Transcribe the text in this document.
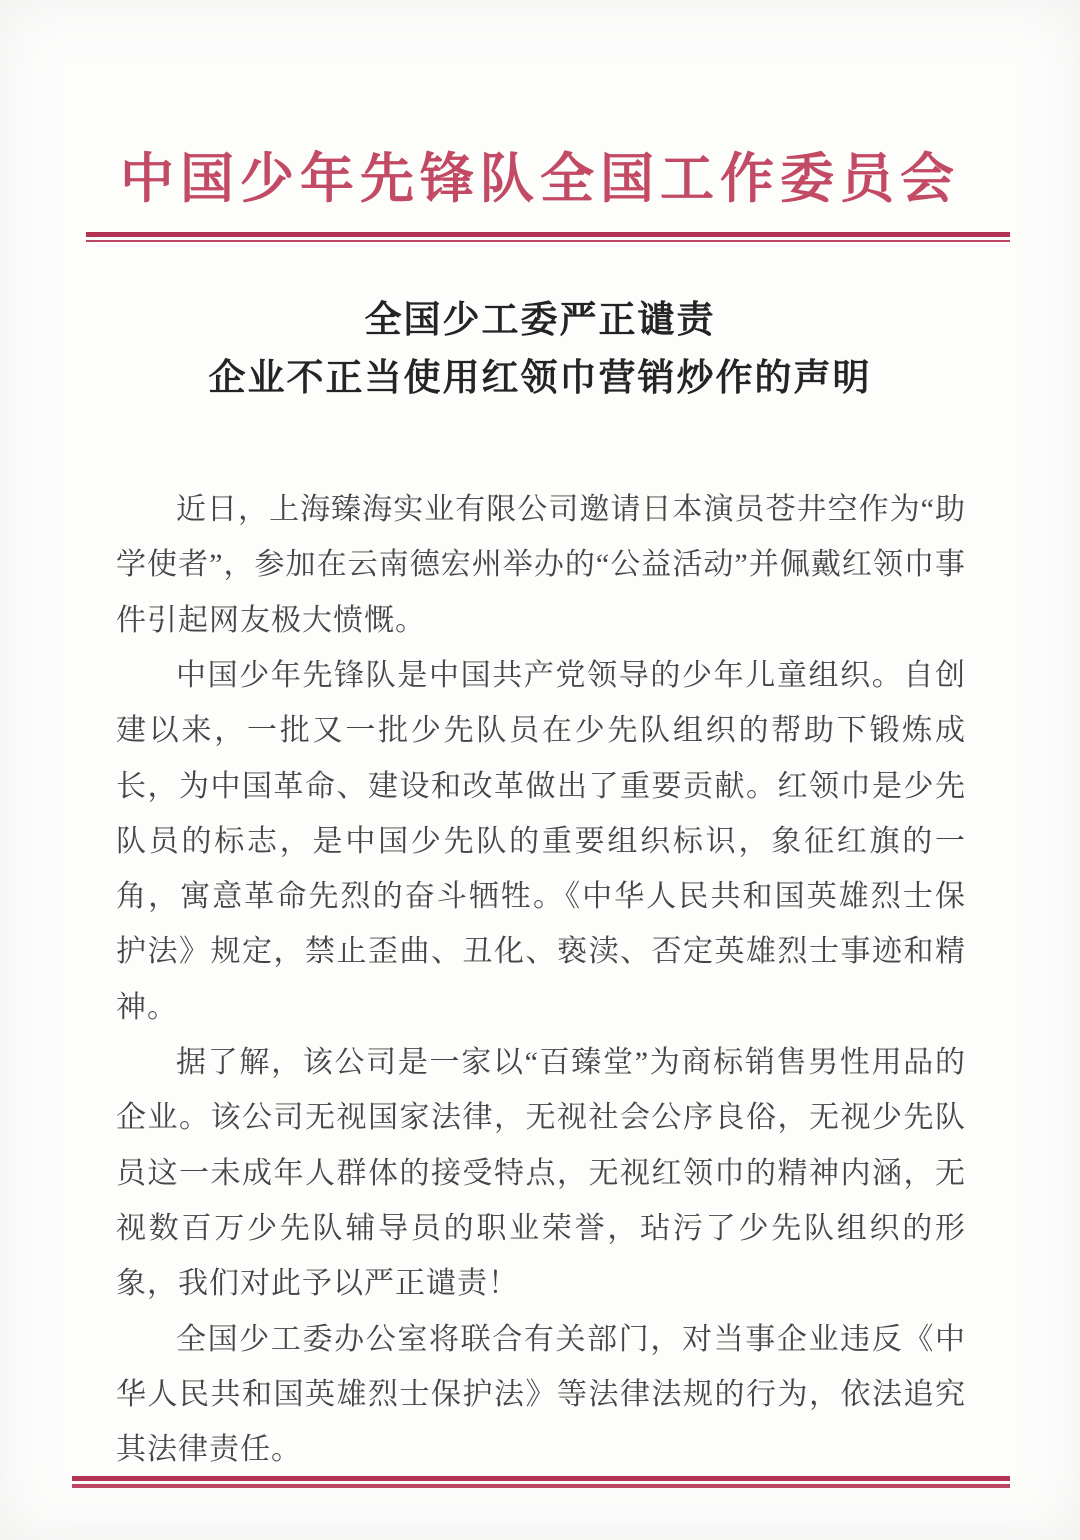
中国少年先锋队全国工作委员会
全国少工委严正谴责
企业不正当使用红领巾营销炒作的声明

近日，上海臻海实业有限公司邀请日本演员苍井空作为“助学使者”，参加在云南德宏州举办的“公益活动”并佩戴红领巾事件引起网友极大愤慨。

中国少年先锋队是中国共产党领导的少年儿童组织。自创建以来，一批又一批少先队员在少先队组织的帮助下锻炼成长，为中国革命、建设和改革做出了重要贡献。红领巾是少先队员的标志，是中国少先队的重要组织标识，象征红旗的一角，寓意革命先烈的奋斗牺牲。《中华人民共和国英雄烈士保护法》规定，禁止歪曲、丑化、亵渎、否定英雄烈士事迹和精神。

据了解，该公司是一家以“百臻堂”为商标销售男性用品的企业。该公司无视国家法律，无视社会公序良俗，无视少先队员这一未成年人群体的接受特点，无视红领巾的精神内涵，无视数百万少先队辅导员的职业荣誉，玷污了少先队组织的形象，我们对此予以严正谴责！

全国少工委办公室将联合有关部门，对当事企业违反《中华人民共和国英雄烈士保护法》等法律法规的行为，依法追究其法律责任。
